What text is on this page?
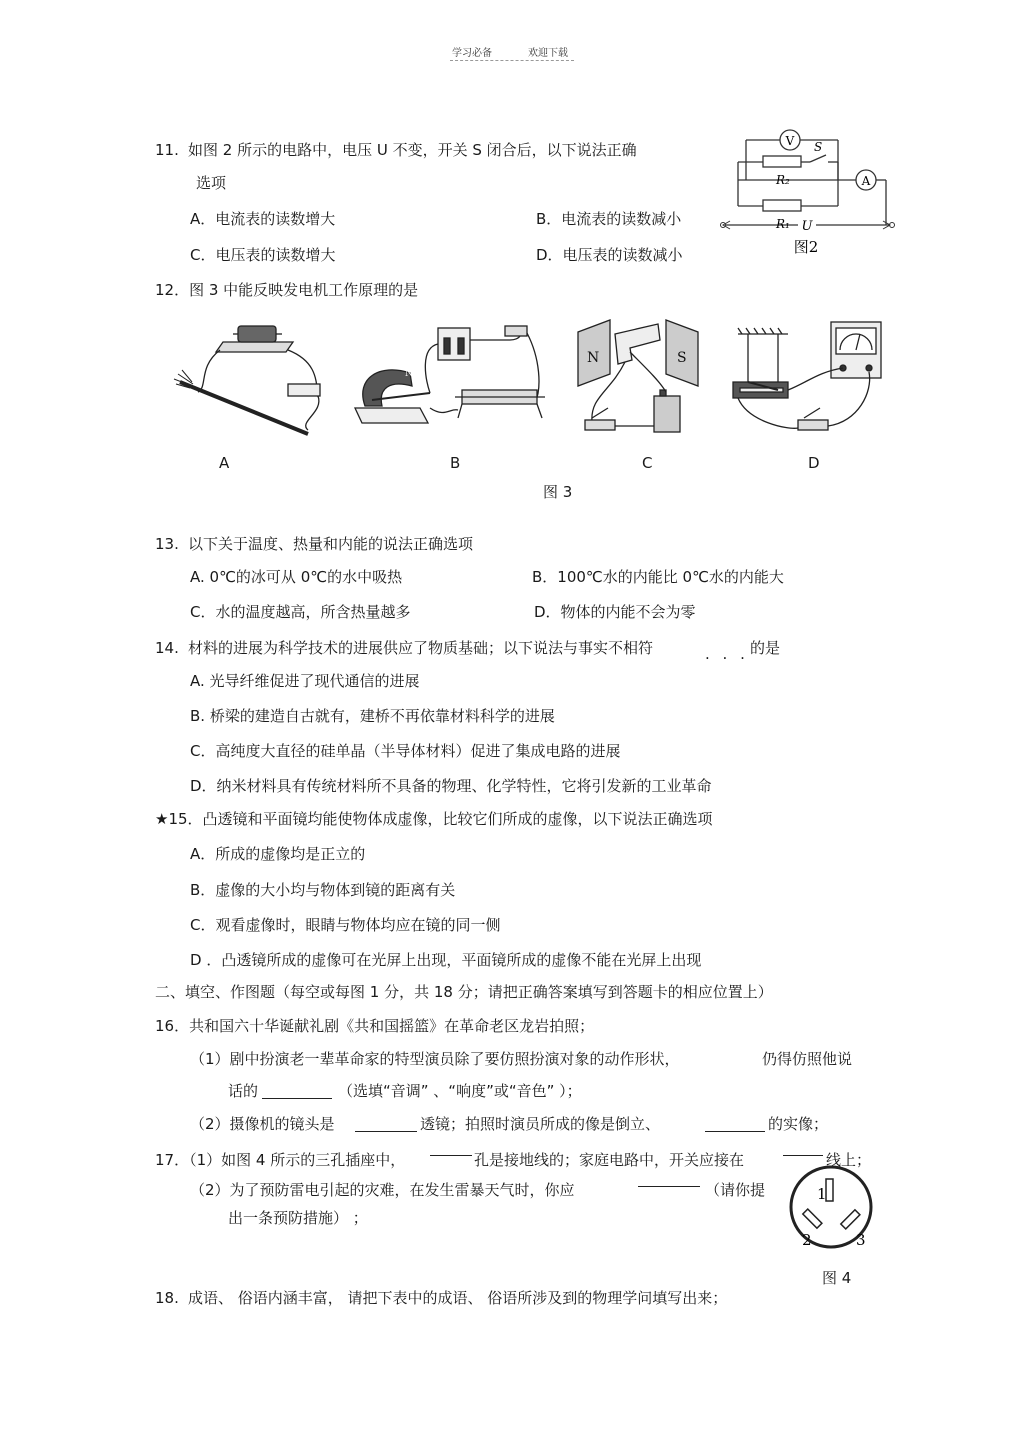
学习必备	欢迎下载
11. 如图 2 所示的电路中，电压 U 不变，开关 S 闭合后，以下说法正确
选项
A．电流表的读数增大	B．电流表的读数减小
C．电压表的读数增大	D．电压表的读数减小
V
A
S
R₂
R₁ U
图2
12．图 3 中能反映发电机工作原理的是
N
N	S
A	B	C	D
图 3
13. 以下关于温度、热量和内能的说法正确选项
A. 0℃的冰可从 0℃的水中吸热	B．100℃水的内能比 0℃水的内能大
C．水的温度越高，所含热量越多	D．物体的内能不会为零
14. 材料的进展为科学技术的进展供应了物质基础；以下说法与事实不相符	. . . 的是
A. 光导纤维促进了现代通信的进展
B. 桥梁的建造自古就有，建桥不再依靠材料科学的进展
C．高纯度大直径的硅单晶（半导体材料）促进了集成电路的进展
D．纳米材料具有传统材料所不具备的物理、化学特性，它将引发新的工业革命
★15．凸透镜和平面镜均能使物体成虚像，比较它们所成的虚像，以下说法正确选项
A．所成的虚像均是正立的
B．虚像的大小均与物体到镜的距离有关
C．观看虚像时，眼睛与物体均应在镜的同一侧
D ．凸透镜所成的虚像可在光屏上出现，平面镜所成的虚像不能在光屏上出现
二、填空、作图题（每空或每图 1 分，共 18 分；请把正确答案填写到答题卡的相应位置上）
16．共和国六十华诞献礼剧《共和国摇篮》在革命老区龙岩拍照；
（1）剧中扮演老一辈革命家的特型演员除了要仿照扮演对象的动作形状，	仍得仿照他说
话的	（选填“音调” 、“响度”或“音色” ）；
（2）摄像机的镜头是	透镜；拍照时演员所成的像是倒立、	的实像；
17．（1）如图 4 所示的三孔插座中，	孔是接地线的；家庭电路中，开关应接在	线上；
（2）为了预防雷电引起的灾难，在发生雷暴天气时，你应	（请你提
出一条预防措施） ；
1
2	3
图 4
18. 成语、 俗语内涵丰富， 请把下表中的成语、 俗语所涉及到的物理学问填写出来；
